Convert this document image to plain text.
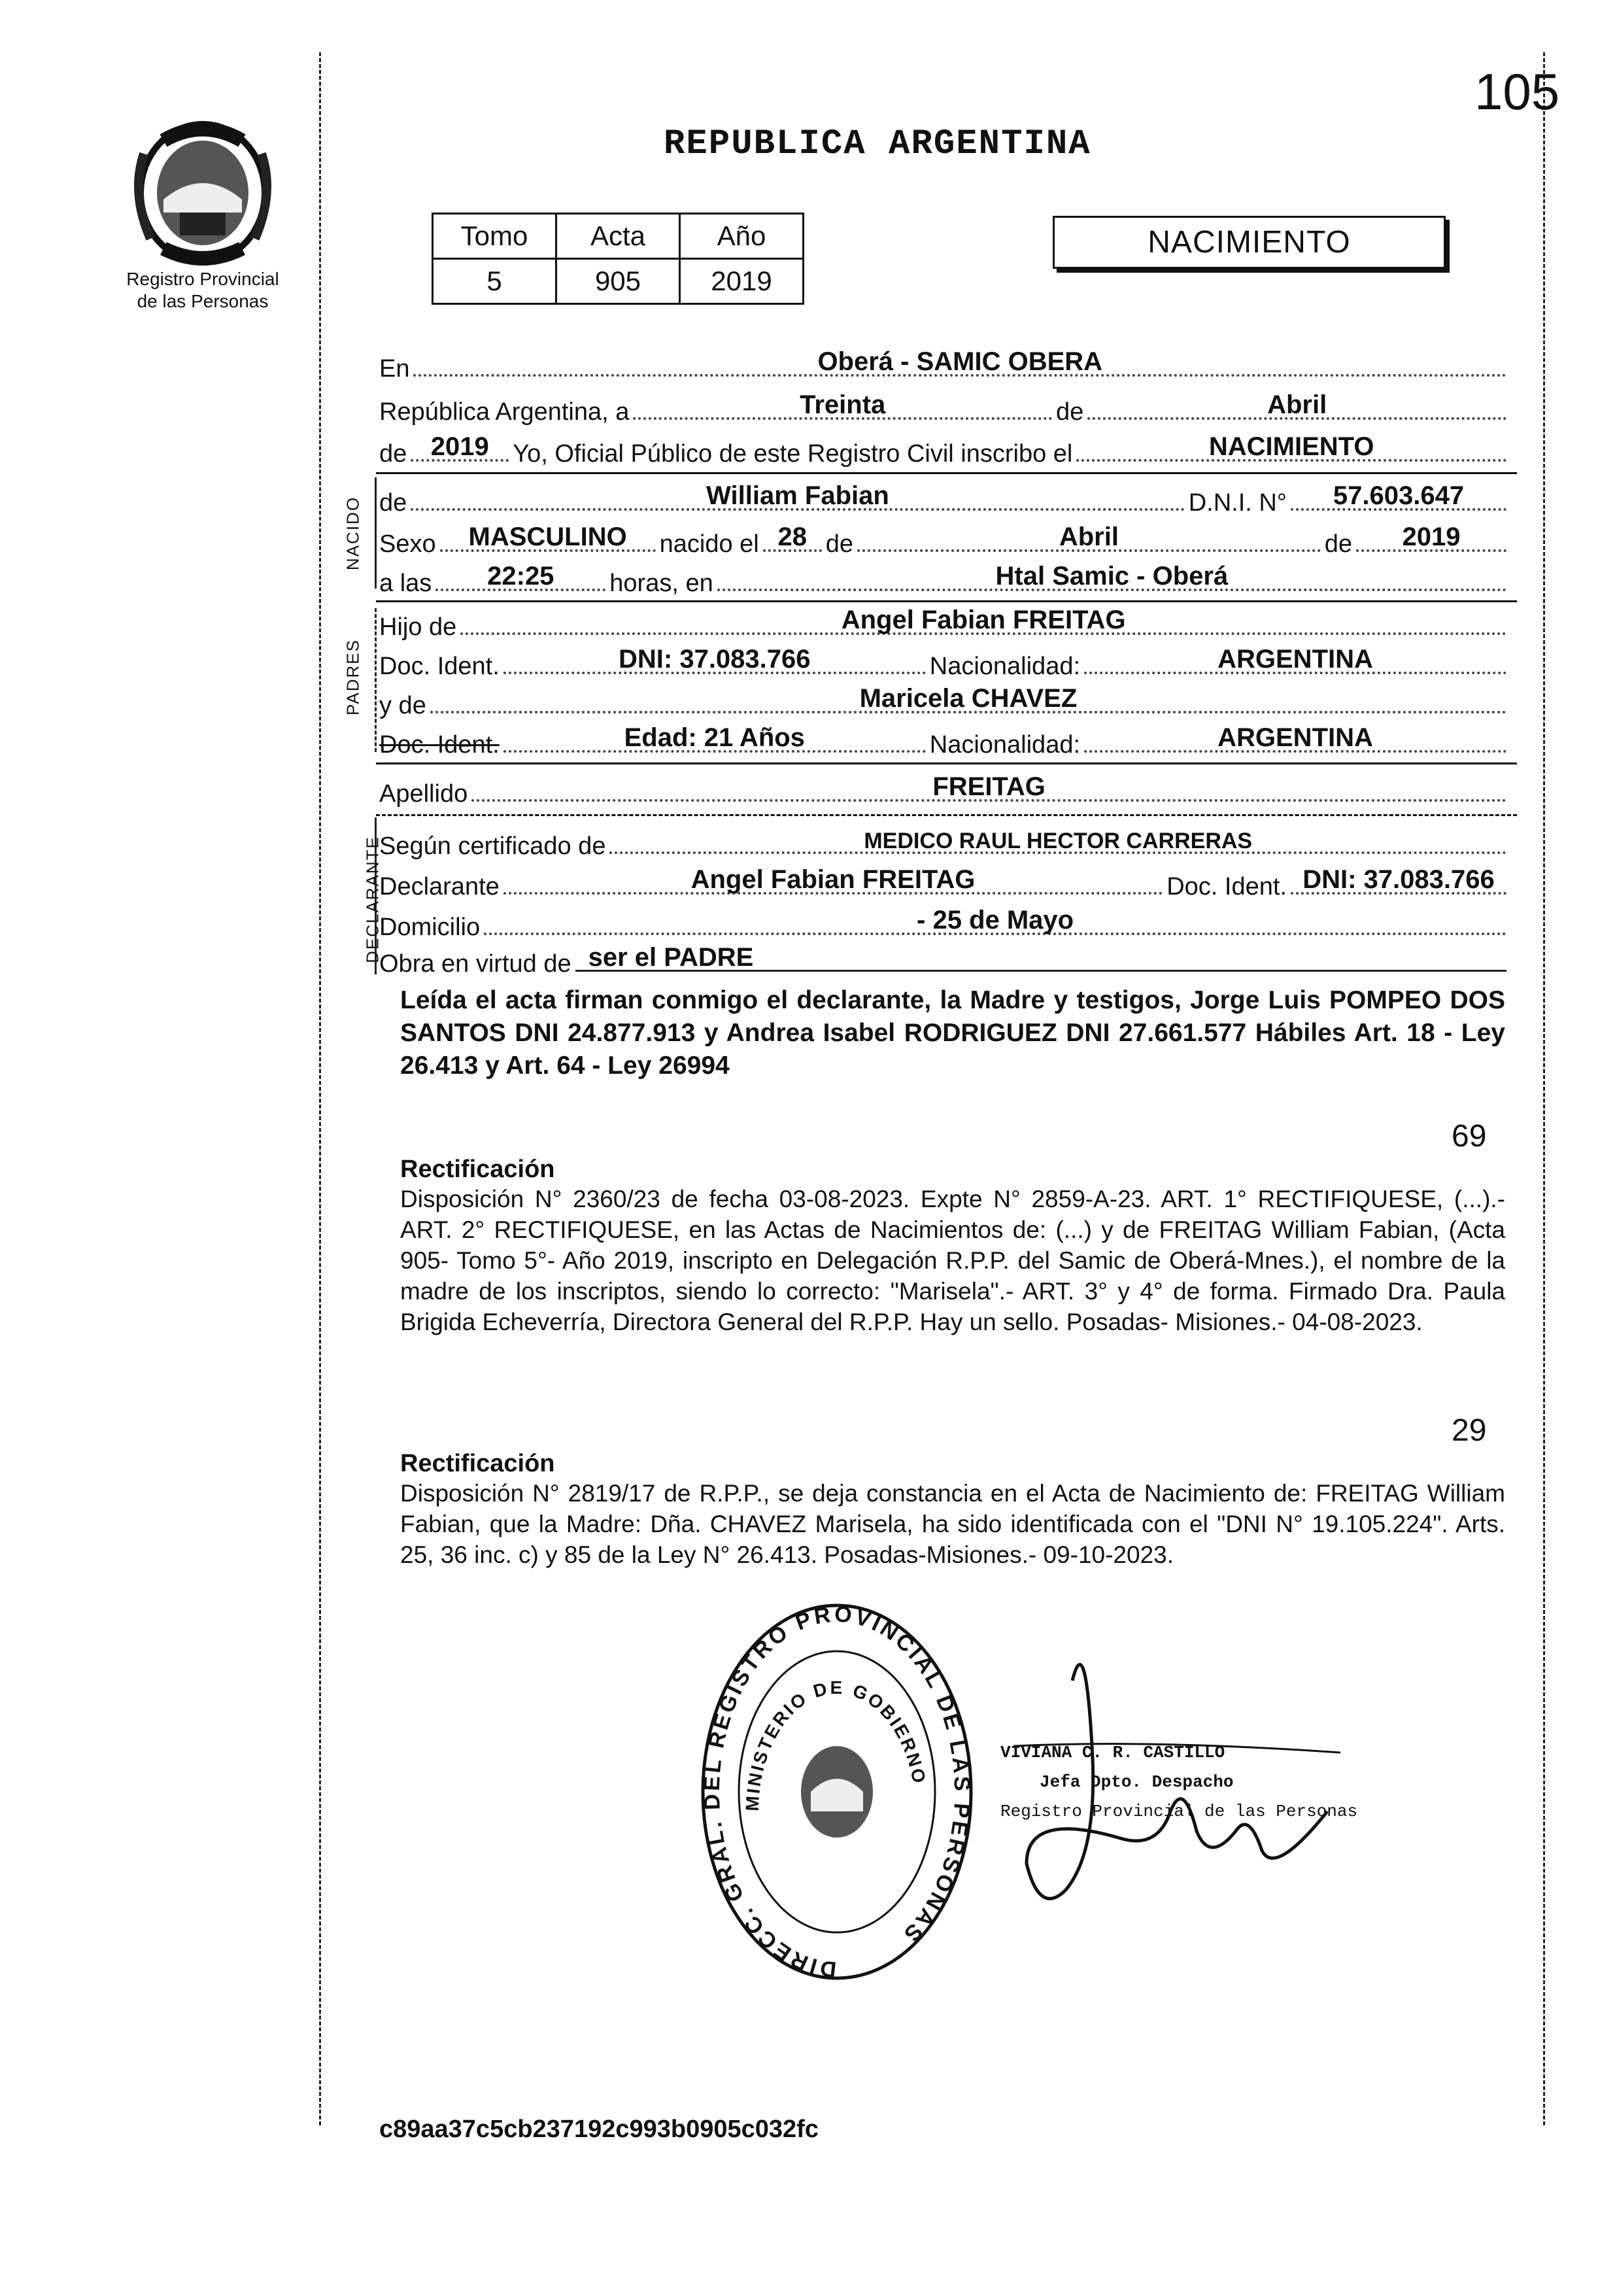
105
Registro Provincial
de las Personas
REPUBLICA ARGENTINA
Tomo	Acta	Año
5	905	2019
NACIMIENTO
En	Oberá - SAMIC OBERA
República Argentina, a	Treinta	de	Abril
de 2019 Yo, Oficial Público de este Registro Civil inscribo el	NACIMIENTO
NACIDO de	William Fabian	D.N.I. N°	57.603.647
Sexo	MASCULINO	nacido el 28 de	Abril	de	2019
a las	22:25	horas, en	Htal Samic - Oberá
PADRES
Hijo de	Angel Fabian FREITAG
Doc. Ident.	DNI: 37.083.766	Nacionalidad:	ARGENTINA
y de	Maricela CHAVEZ
Doc. Ident.	Edad: 21 Años	Nacionalidad:	ARGENTINA
Apellido	FREITAG
DECLARANTE
Según certificado de	MEDICO RAUL HECTOR CARRERAS
Declarante	Angel Fabian FREITAG	Doc. Ident. DNI: 37.083.766
Domicilio	- 25 de Mayo
Obra en virtud de ser el PADRE
Leída el acta firman conmigo el declarante, la Madre y testigos, Jorge Luis POMPEO DOS SANTOS DNI 24.877.913 y Andrea Isabel RODRIGUEZ DNI 27.661.577 Hábiles Art. 18 - Ley 26.413 y Art. 64 - Ley 26994
69
Rectificación
Disposición N° 2360/23 de fecha 03-08-2023. Expte N° 2859-A-23. ART. 1° RECTIFIQUESE, (...).- ART. 2° RECTIFIQUESE, en las Actas de Nacimientos de: (...) y de FREITAG William Fabian, (Acta 905- Tomo 5°- Año 2019, inscripto en Delegación R.P.P. del Samic de Oberá-Mnes.), el nombre de la madre de los inscriptos, siendo lo correcto: "Marisela".- ART. 3° y 4° de forma. Firmado Dra. Paula Brigida Echeverría, Directora General del R.P.P. Hay un sello. Posadas- Misiones.- 04-08-2023.
29
Rectificación
Disposición N° 2819/17 de R.P.P., se deja constancia en el Acta de Nacimiento de: FREITAG William Fabian, que la Madre: Dña. CHAVEZ Marisela, ha sido identificada con el "DNI N° 19.105.224". Arts. 25, 36 inc. c) y 85 de la Ley N° 26.413. Posadas-Misiones.- 09-10-2023.
DIRECC. GRAL. DEL REGISTRO PROVINCIAL DE LAS PERSONAS
MINISTERIO DE GOBIERNO
VIVIANA C. R. CASTILLO
Jefa Dpto. Despacho
Registro Provincial de las Personas
c89aa37c5cb237192c993b0905c032fc
